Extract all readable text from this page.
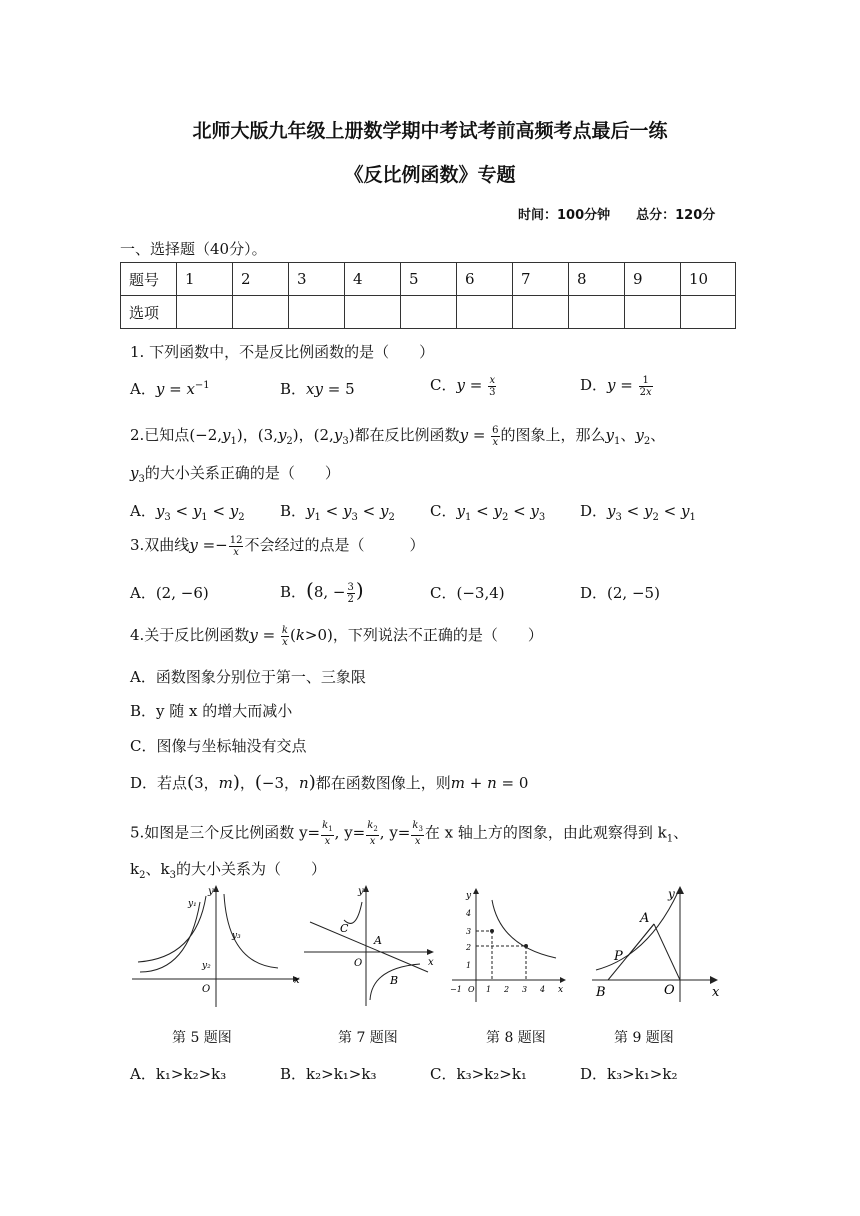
北师大版九年级上册数学期中考试考前高频考点最后一练
《反比例函数》专题
时间：100分钟　　总分：120分
一、选择题（40分）。
题号	1	2	3	4	5	6	7	8	9	10
选项										
1. 下列函数中，不是反比例函数的是（　　）
A．$y = x^{-1}$	B．xy = 5	C．$y = \frac{x}{3}$	D．$y = \frac{1}{2x}$
2.已知点$(-2,y_1)$，$(3,y_2)$，$(2,y_3)$都在反比例函数$y = \frac{6}{x}$ 的图象上，那么$y_1$、$y_2$、
$y_3$的大小关系正确的是（　　）
A．$y_3 < y_1 < y_2$ B．$y_1 < y_3 < y_2$ C．$y_1 < y_2 < y_3$ D．$y_3 < y_2 < y_1$
3.双曲线$y =- \frac{12}{x}$ 不会经过的点是（　　　）
A．(2, −6)	B．(8, − $\frac{3}{2}$ )	C．(−3,4)	D．(2, −5)
4.关于反比例函数$y = \frac{k}{x} (k>0)$，下列说法不正确的是（　　）
A．函数图象分别位于第一、三象限
B．y 随 x 的增大而减小
C．图像与坐标轴没有交点
D．若点(3，m)，(−3，n)都在函数图像上，则m + n = 0
5.如图是三个反比例函数 $y= \frac{k_1}{x}$ , $y= \frac{k_2}{x}$ , $y= \frac{k_3}{x}$ 在 x 轴上方的图象，由此观察得到 $k_1$、
$k_2$、$k_3$的大小关系为（　　）
y
x
O
y₁
y₂
y₃
y
x
O
C
A
B
y
x
−1 O 1 2 3 4
4
3
2
1
y
x
O
B
A
P
第 5 题图	第 7 题图	第 8 题图	第 9 题图
A．k₁>k₂>k₃	B．k₂>k₁>k₃	C．k₃>k₂>k₁	D．k₃>k₁>k₂
